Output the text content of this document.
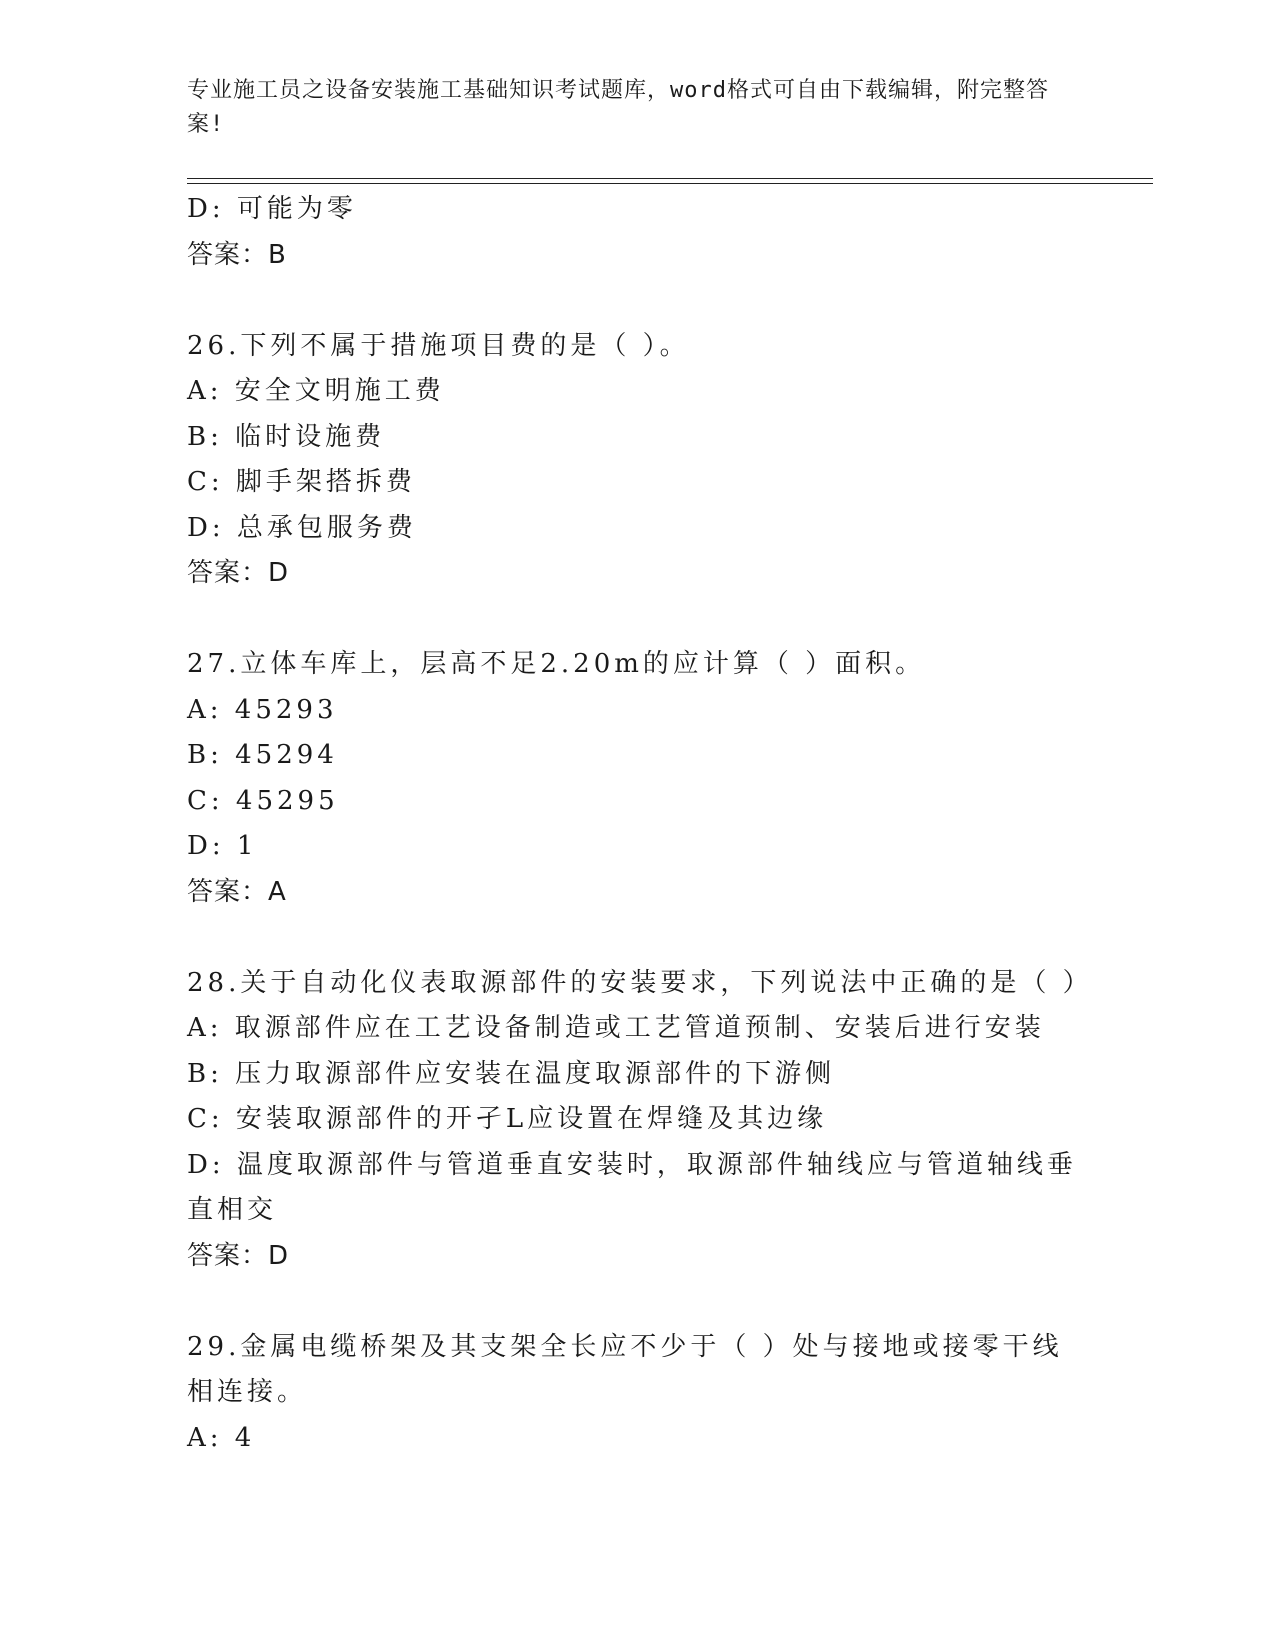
专业施工员之设备安装施工基础知识考试题库，word格式可自由下载编辑，附完整答案!
D: 可能为零
答案：B
26.下列不属于措施项目费的是（ ）。
A: 安全文明施工费
B: 临时设施费
C: 脚手架搭拆费
D: 总承包服务费
答案：D
27.立体车库上，层高不足2.20m的应计算（ ）面积。
A: 45293
B: 45294
C: 45295
D: 1
答案：A
28.关于自动化仪表取源部件的安装要求，下列说法中正确的是（ ）
A: 取源部件应在工艺设备制造或工艺管道预制、安装后进行安装
B: 压力取源部件应安装在温度取源部件的下游侧
C: 安装取源部件的开孑L应设置在焊缝及其边缘
D: 温度取源部件与管道垂直安装时，取源部件轴线应与管道轴线垂直相交
答案：D
29.金属电缆桥架及其支架全长应不少于（ ）处与接地或接零干线相连接。
A: 4
